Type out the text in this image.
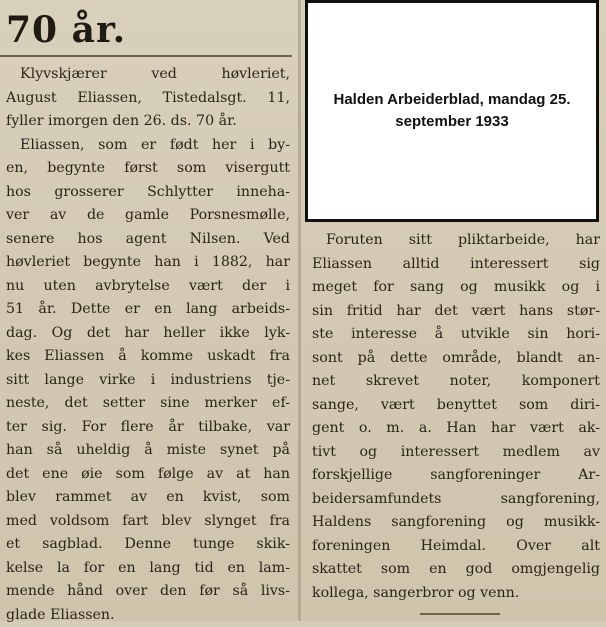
70 år.
Klyvskjærer ved høvleriet,
August Eliassen, Tistedalsgt. 11,
fyller imorgen den 26. ds. 70 år.
Eliassen, som er født her i by-
en, begynte først som visergutt
hos grosserer Schlytter inneha-
ver av de gamle Porsnesmølle,
senere hos agent Nilsen. Ved
høvleriet begynte han i 1882, har
nu uten avbrytelse vært der i
51 år. Dette er en lang arbeids-
dag. Og det har heller ikke lyk-
kes Eliassen å komme uskadt fra
sitt lange virke i industriens tje-
neste, det setter sine merker ef-
ter sig. For flere år tilbake, var
han så uheldig å miste synet på
det ene øie som følge av at han
blev rammet av en kvist, som
med voldsom fart blev slynget fra
et sagblad. Denne tunge skik-
kelse la for en lang tid en lam-
mende hånd over den før så livs-
glade Eliassen.
Halden Arbeiderblad, mandag 25. september 1933
Foruten sitt pliktarbeide, har
Eliassen alltid interessert sig
meget for sang og musikk og i
sin fritid har det vært hans stør-
ste interesse å utvikle sin hori-
sont på dette område, blandt an-
net skrevet noter, komponert
sange, vært benyttet som diri-
gent o. m. a. Han har vært ak-
tivt og interessert medlem av
forskjellige sangforeninger Ar-
beidersamfundets sangforening,
Haldens sangforening og musikk-
foreningen Heimdal. Over alt
skattet som en god omgjengelig
kollega, sangerbror og venn.
